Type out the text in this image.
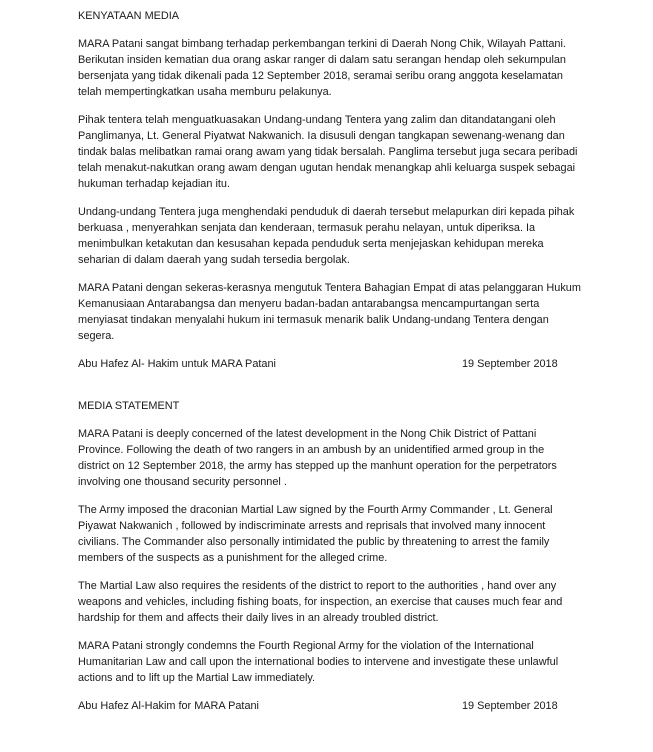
KENYATAAN MEDIA

MARA Patani sangat bimbang terhadap perkembangan terkini di Daerah Nong Chik, Wilayah Pattani.

Berikutan insiden kematian dua orang askar ranger di dalam satu serangan hendap oleh sekumpulan

bersenjata yang tidak dikenali pada 12 September 2018, seramai seribu orang anggota keselamatan

telah mempertingkatkan usaha memburu pelakunya.

Pihak tentera telah menguatkuasakan Undang-undang Tentera yang zalim dan ditandatangani oleh

Panglimanya, Lt. General Piyatwat Nakwanich. Ia disusuli dengan tangkapan sewenang-wenang dan

tindak balas melibatkan ramai orang awam yang tidak bersalah. Panglima tersebut juga secara peribadi

telah menakut-nakutkan orang awam dengan ugutan hendak menangkap ahli keluarga suspek sebagai

hukuman terhadap kejadian itu.

Undang-undang Tentera juga menghendaki penduduk di daerah tersebut melapurkan diri kepada pihak

berkuasa , menyerahkan senjata dan kenderaan, termasuk perahu nelayan, untuk diperiksa. Ia

menimbulkan ketakutan dan kesusahan kepada penduduk serta menjejaskan kehidupan mereka

seharian di dalam daerah yang sudah tersedia bergolak.

MARA Patani dengan sekeras-kerasnya mengutuk Tentera Bahagian Empat di atas pelanggaran Hukum

Kemanusiaan Antarabangsa dan menyeru badan-badan antarabangsa mencampurtangan serta

menyiasat tindakan menyalahi hukum ini termasuk menarik balik Undang-undang Tentera dengan

segera.

Abu Hafez Al- Hakim untuk MARA Patani	19 September 2018
MEDIA STATEMENT

MARA Patani is deeply concerned of the latest development in the Nong Chik District of Pattani

Province. Following the death of two rangers in an ambush by an unidentified armed group in the

district on 12 September 2018, the army has stepped up the manhunt operation for the perpetrators

involving one thousand security personnel .

The Army imposed the draconian Martial Law signed by the Fourth Army Commander , Lt. General

Piyawat Nakwanich , followed by indiscriminate arrests and reprisals that involved many innocent

civilians. The Commander also personally intimidated the public by threatening to arrest the family

members of the suspects as a punishment for the alleged crime.

The Martial Law also requires the residents of the district to report to the authorities , hand over any

weapons and vehicles, including fishing boats, for inspection, an exercise that causes much fear and

hardship for them and affects their daily lives in an already troubled district.

MARA Patani strongly condemns the Fourth Regional Army for the violation of the International

Humanitarian Law and call upon the international bodies to intervene and investigate these unlawful

actions and to lift up the Martial Law immediately.

Abu Hafez Al-Hakim for MARA Patani	19 September 2018
